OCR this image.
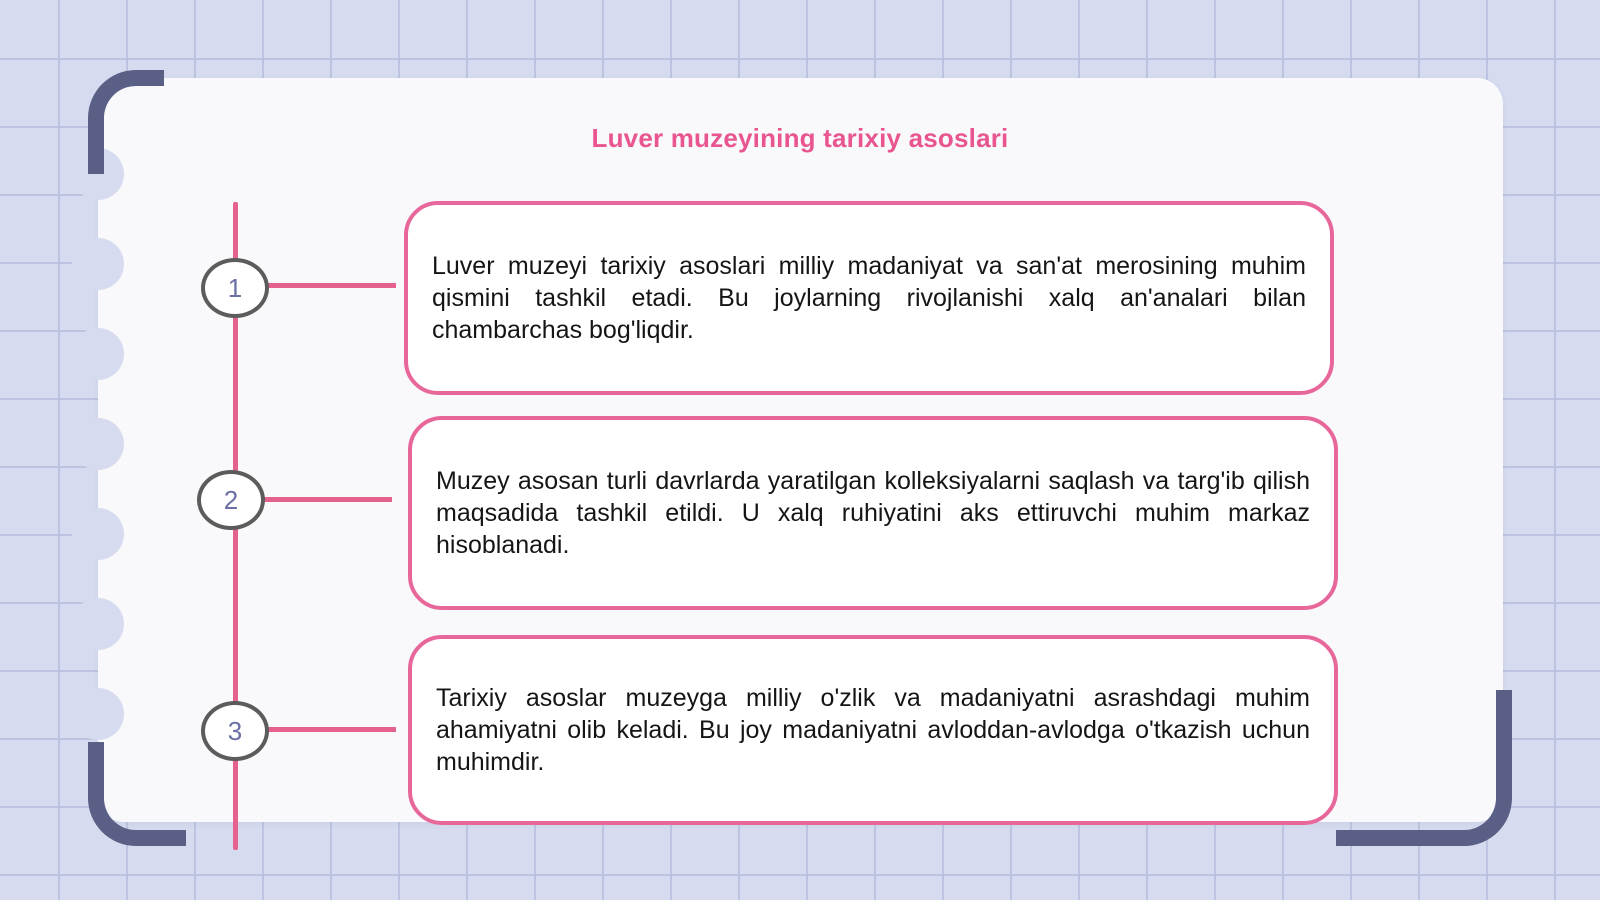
Luver muzeyining tarixiy asoslari
1
2
3

Luver muzeyi tarixiy asoslari milliy madaniyat va san'at merosining muhim qismini tashkil etadi. Bu joylarning rivojlanishi xalq an'analari bilan chambarchas bog'liqdir.

Muzey asosan turli davrlarda yaratilgan kolleksiyalarni saqlash va targ'ib qilish maqsadida tashkil etildi. U xalq ruhiyatini aks ettiruvchi muhim markaz hisoblanadi.

Tarixiy asoslar muzeyga milliy o'zlik va madaniyatni asrashdagi muhim ahamiyatni olib keladi. Bu joy madaniyatni avloddan-avlodga o'tkazish uchun muhimdir.
